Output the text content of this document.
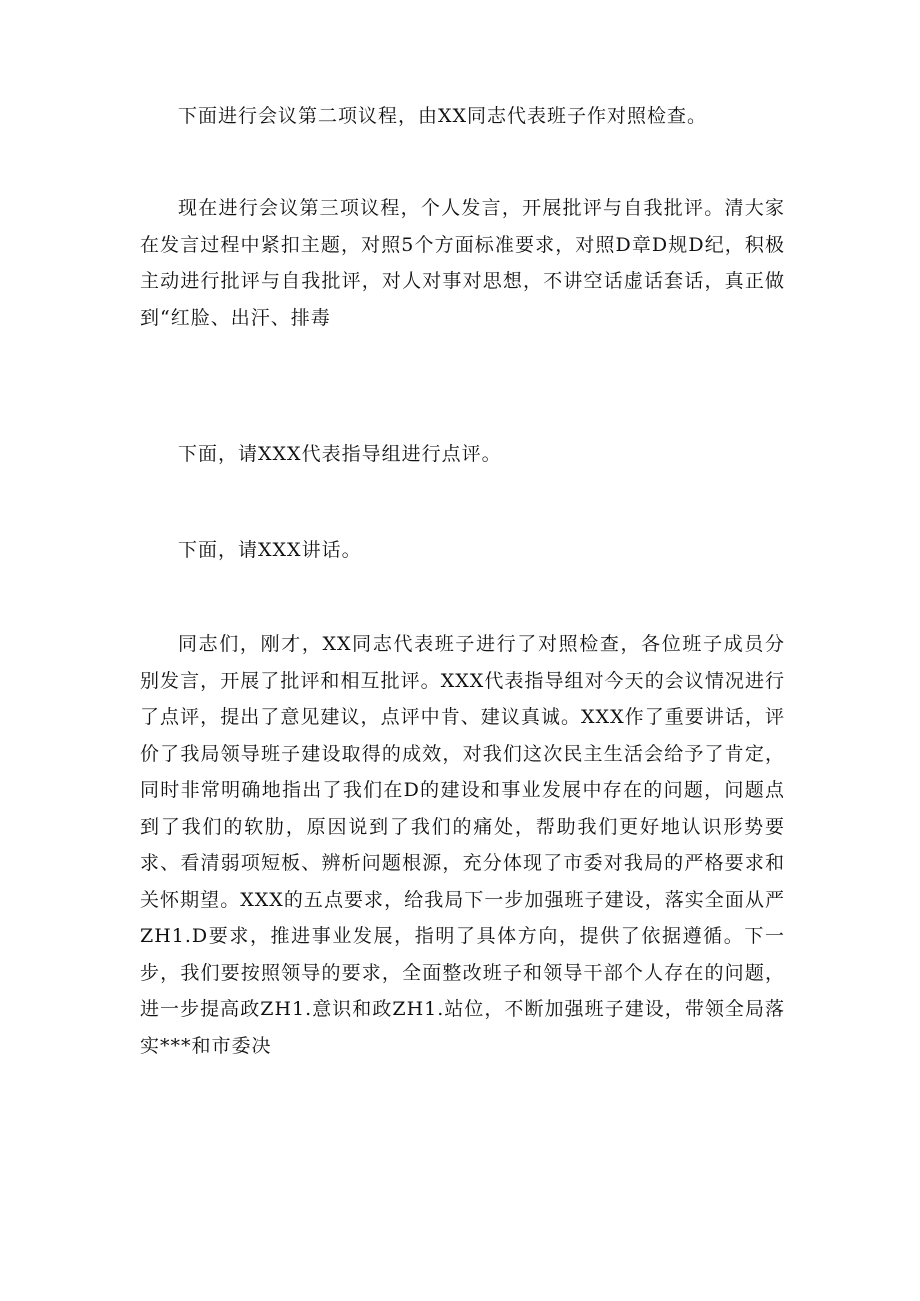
下面进行会议第二项议程，由XX同志代表班子作对照检查。

现在进行会议第三项议程，个人发言，开展批评与自我批评。清大家在发言过程中紧扣主题，对照5个方面标准要求，对照D章D规D纪，积极主动进行批评与自我批评，对人对事对思想，不讲空话虚话套话，真正做到“红脸、出汗、排毒

下面，请XXX代表指导组进行点评。

下面，请XXX讲话。

同志们，刚才，XX同志代表班子进行了对照检查，各位班子成员分别发言，开展了批评和相互批评。XXX代表指导组对今天的会议情况进行了点评，提出了意见建议，点评中肯、建议真诚。XXX作了重要讲话，评价了我局领导班子建设取得的成效，对我们这次民主生活会给予了肯定，同时非常明确地指出了我们在D的建设和事业发展中存在的问题，问题点到了我们的软肋，原因说到了我们的痛处，帮助我们更好地认识形势要求、看清弱项短板、辨析问题根源，充分体现了市委对我局的严格要求和关怀期望。XXX的五点要求，给我局下一步加强班子建设，落实全面从严ZH1.D要求，推进事业发展，指明了具体方向，提供了依据遵循。下一步，我们要按照领导的要求，全面整改班子和领导干部个人存在的问题，进一步提高政ZH1.意识和政ZH1.站位，不断加强班子建设，带领全局落实***和市委决
